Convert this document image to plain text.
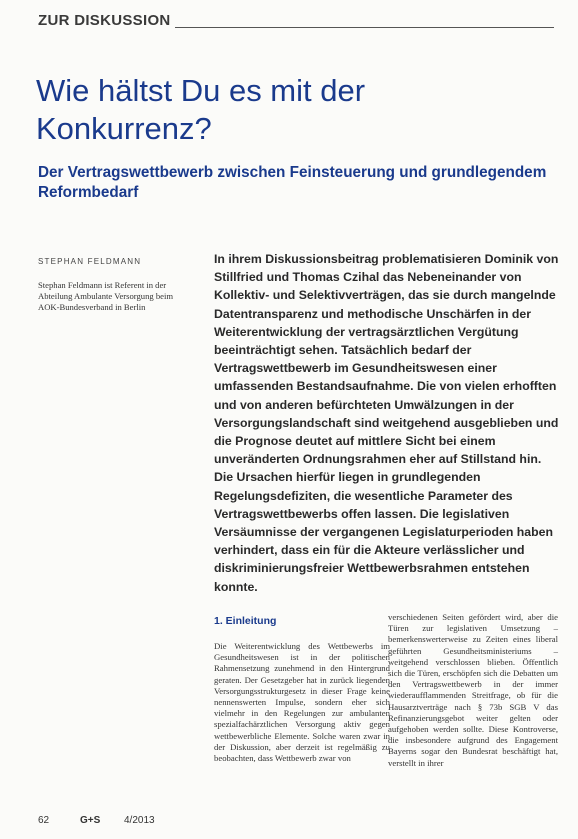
ZUR DISKUSSION
Wie hältst Du es mit der Konkurrenz?
Der Vertragswettbewerb zwischen Feinsteuerung und grundlegendem Reformbedarf
STEPHAN FELDMANN

Stephan Feldmann ist Referent in der Abteilung Ambulante Versorgung beim AOK-Bundesverband in Berlin

In ihrem Diskussionsbeitrag problematisieren Dominik von Stillfried und Thomas Czihal das Nebeneinander von Kollektiv- und Selektivverträgen, das sie durch mangelnde Datentransparenz und methodische Unschärfen in der Weiterentwicklung der vertragsärztlichen Vergütung beeinträchtigt sehen. Tatsächlich bedarf der Vertragswettbewerb im Gesundheitswesen einer umfassenden Bestandsaufnahme. Die von vielen erhofften und von anderen befürchteten Umwälzungen in der Versorgungslandschaft sind weitgehend ausgeblieben und die Prognose deutet auf mittlere Sicht bei einem unveränderten Ordnungsrahmen eher auf Stillstand hin. Die Ursachen hierfür liegen in grundlegenden Regelungsdefiziten, die wesentliche Parameter des Vertragswettbewerbs offen lassen. Die legislativen Versäumnisse der vergangenen Legislaturperioden haben verhindert, dass ein für die Akteure verlässlicher und diskriminierungsfreier Wettbewerbsrahmen entstehen konnte.

1. Einleitung

Die Weiterentwicklung des Wettbewerbs im Gesundheitswesen ist in der politischen Rahmensetzung zunehmend in den Hintergrund geraten. Der Gesetzgeber hat in zurück liegenden Versorgungsstrukturgesetz in dieser Frage keine nennenswerten Impulse, sondern eher sich vielmehr in den Regelungen zur ambulanten spezialfachärztlichen Versorgung aktiv gegen wettbewerbliche Elemente. Solche waren zwar in der Diskussion, aber derzeit ist regelmäßig zu beobachten, dass Wettbewerb zwar von

verschiedenen Seiten gefördert wird, aber die Türen zur legislativen Umsetzung – bemerkenswerterweise zu Zeiten eines liberal geführten Gesundheitsministeriums – weitgehend verschlossen blieben. Öffentlich sich die Türen, erschöpfen sich die Debatten um den Vertragswettbewerb in der immer wiederaufflammenden Streitfrage, ob für die Hausarztverträge nach § 73b SGB V das Refinanzierungsgebot weiter gelten oder aufgehoben werden sollte. Diese Kontroverse, die insbesondere aufgrund des Engagement Bayerns sogar den Bundesrat beschäftigt hat, verstellt in ihrer

62	G+S 4/2013
